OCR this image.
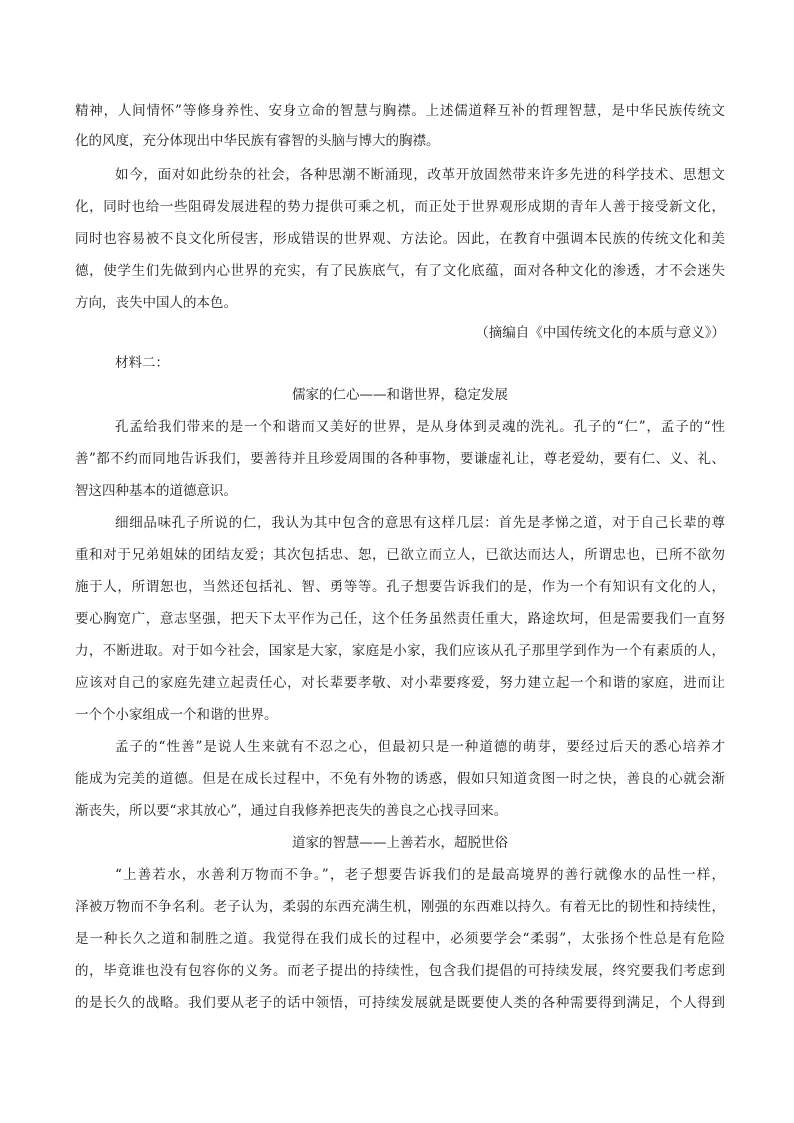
精神，人间情怀”等修身养性、安身立命的智慧与胸襟。上述儒道释互补的哲理智慧，是中华民族传统文
化的风度，充分体现出中华民族有睿智的头脑与博大的胸襟。
如今，面对如此纷杂的社会，各种思潮不断涌现，改革开放固然带来许多先进的科学技术、思想文
化，同时也给一些阻碍发展进程的势力提供可乘之机，而正处于世界观形成期的青年人善于接受新文化，
同时也容易被不良文化所侵害，形成错误的世界观、方法论。因此，在教育中强调本民族的传统文化和美
德，使学生们先做到内心世界的充实，有了民族底气，有了文化底蕴，面对各种文化的渗透，才不会迷失
方向，丧失中国人的本色。
（摘编自《中国传统文化的本质与意义》）
材料二：
儒家的仁心——和谐世界，稳定发展
孔孟给我们带来的是一个和谐而又美好的世界，是从身体到灵魂的洗礼。孔子的“仁”，孟子的“性
善”都不约而同地告诉我们，要善待并且珍爱周围的各种事物，要谦虚礼让，尊老爱幼，要有仁、义、礼、
智这四种基本的道德意识。
细细品味孔子所说的仁，我认为其中包含的意思有这样几层：首先是孝悌之道，对于自己长辈的尊
重和对于兄弟姐妹的团结友爱；其次包括忠、恕，已欲立而立人，已欲达而达人，所谓忠也，已所不欲勿
施于人，所谓恕也，当然还包括礼、智、勇等等。孔子想要告诉我们的是，作为一个有知识有文化的人，
要心胸宽广，意志坚强，把天下太平作为己任，这个任务虽然责任重大，路途坎坷，但是需要我们一直努
力，不断进取。对于如今社会，国家是大家，家庭是小家，我们应该从孔子那里学到作为一个有素质的人，
应该对自己的家庭先建立起责任心，对长辈要孝敬、对小辈要疼爱，努力建立起一个和谐的家庭，进而让
一个个小家组成一个和谐的世界。
孟子的“性善”是说人生来就有不忍之心，但最初只是一种道德的萌芽，要经过后天的悉心培养才
能成为完美的道德。但是在成长过程中，不免有外物的诱惑，假如只知道贪图一时之快，善良的心就会渐
渐丧失，所以要“求其放心”，通过自我修养把丧失的善良之心找寻回来。
道家的智慧——上善若水，超脱世俗
“上善若水，水善利万物而不争。”，老子想要告诉我们的是最高境界的善行就像水的品性一样，
泽被万物而不争名利。老子认为，柔弱的东西充满生机，刚强的东西难以持久。有着无比的韧性和持续性，
是一种长久之道和制胜之道。我觉得在我们成长的过程中，必须要学会“柔弱”，太张扬个性总是有危险
的，毕竟谁也没有包容你的义务。而老子提出的持续性，包含我们提倡的可持续发展，终究要我们考虑到
的是长久的战略。我们要从老子的话中领悟，可持续发展就是既要使人类的各种需要得到满足，个人得到
